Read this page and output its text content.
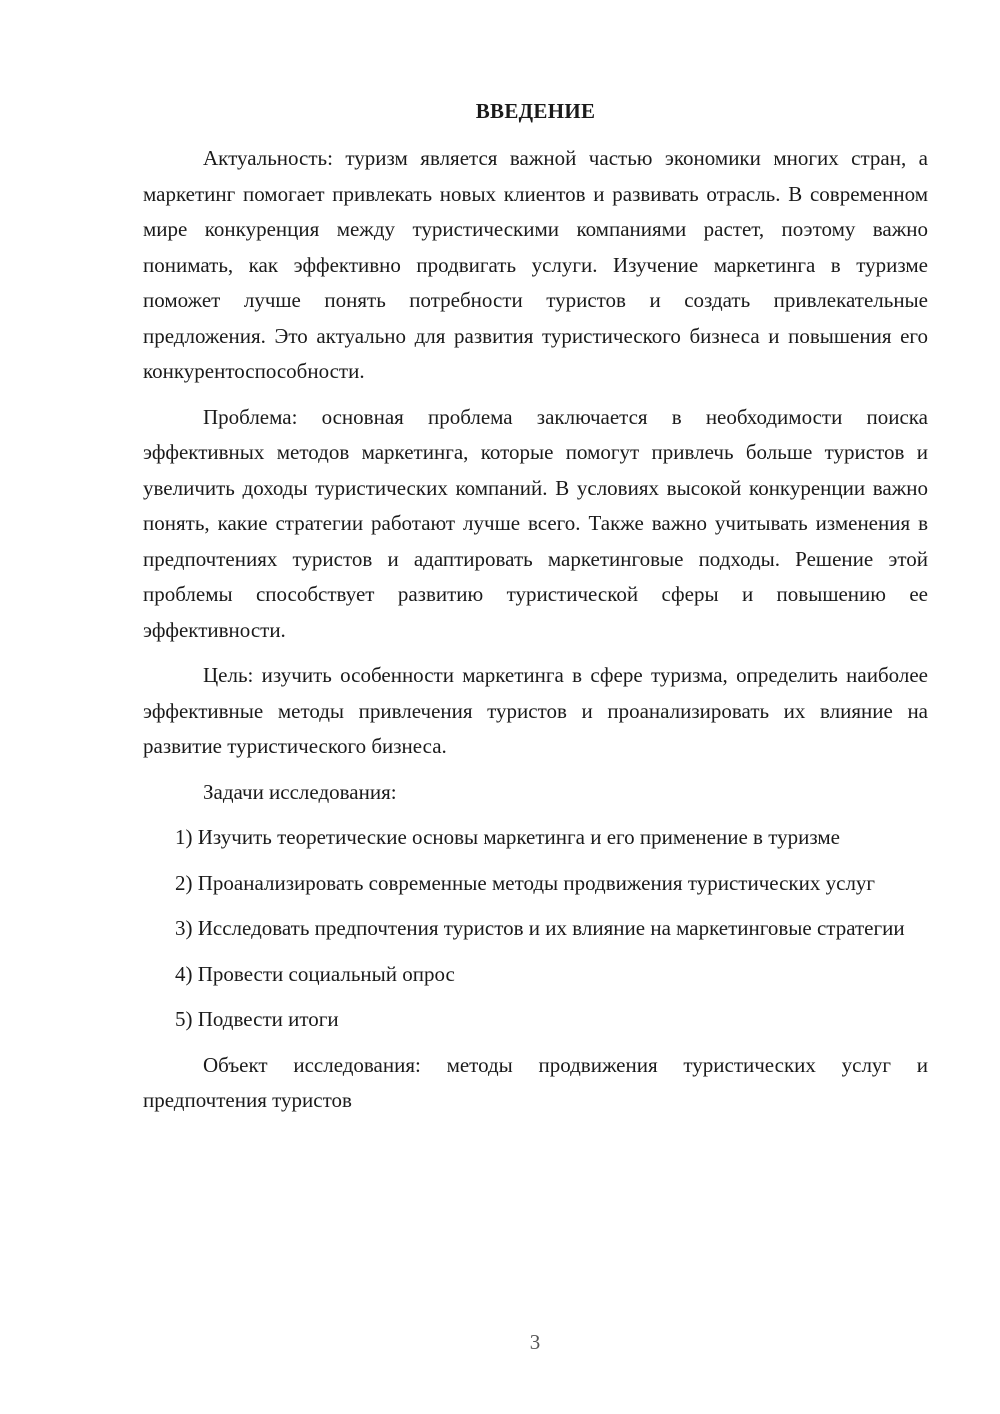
ВВЕДЕНИЕ

Актуальность: туризм является важной частью экономики многих стран, а маркетинг помогает привлекать новых клиентов и развивать отрасль. В современном мире конкуренция между туристическими компаниями растет, поэтому важно понимать, как эффективно продвигать услуги. Изучение маркетинга в туризме поможет лучше понять потребности туристов и создать привлекательные предложения. Это актуально для развития туристического бизнеса и повышения его конкурентоспособности.

Проблема: основная проблема заключается в необходимости поиска эффективных методов маркетинга, которые помогут привлечь больше туристов и увеличить доходы туристических компаний. В условиях высокой конкуренции важно понять, какие стратегии работают лучше всего. Также важно учитывать изменения в предпочтениях туристов и адаптировать маркетинговые подходы. Решение этой проблемы способствует развитию туристической сферы и повышению ее эффективности.

Цель: изучить особенности маркетинга в сфере туризма, определить наиболее эффективные методы привлечения туристов и проанализировать их влияние на развитие туристического бизнеса.

Задачи исследования:

1) Изучить теоретические основы маркетинга и его применение в туризме

2) Проанализировать современные методы продвижения туристических услуг

3) Исследовать предпочтения туристов и их влияние на маркетинговые стратегии

4) Провести социальный опрос

5) Подвести итоги

Объект исследования: методы продвижения туристических услуг и предпочтения туристов

3
